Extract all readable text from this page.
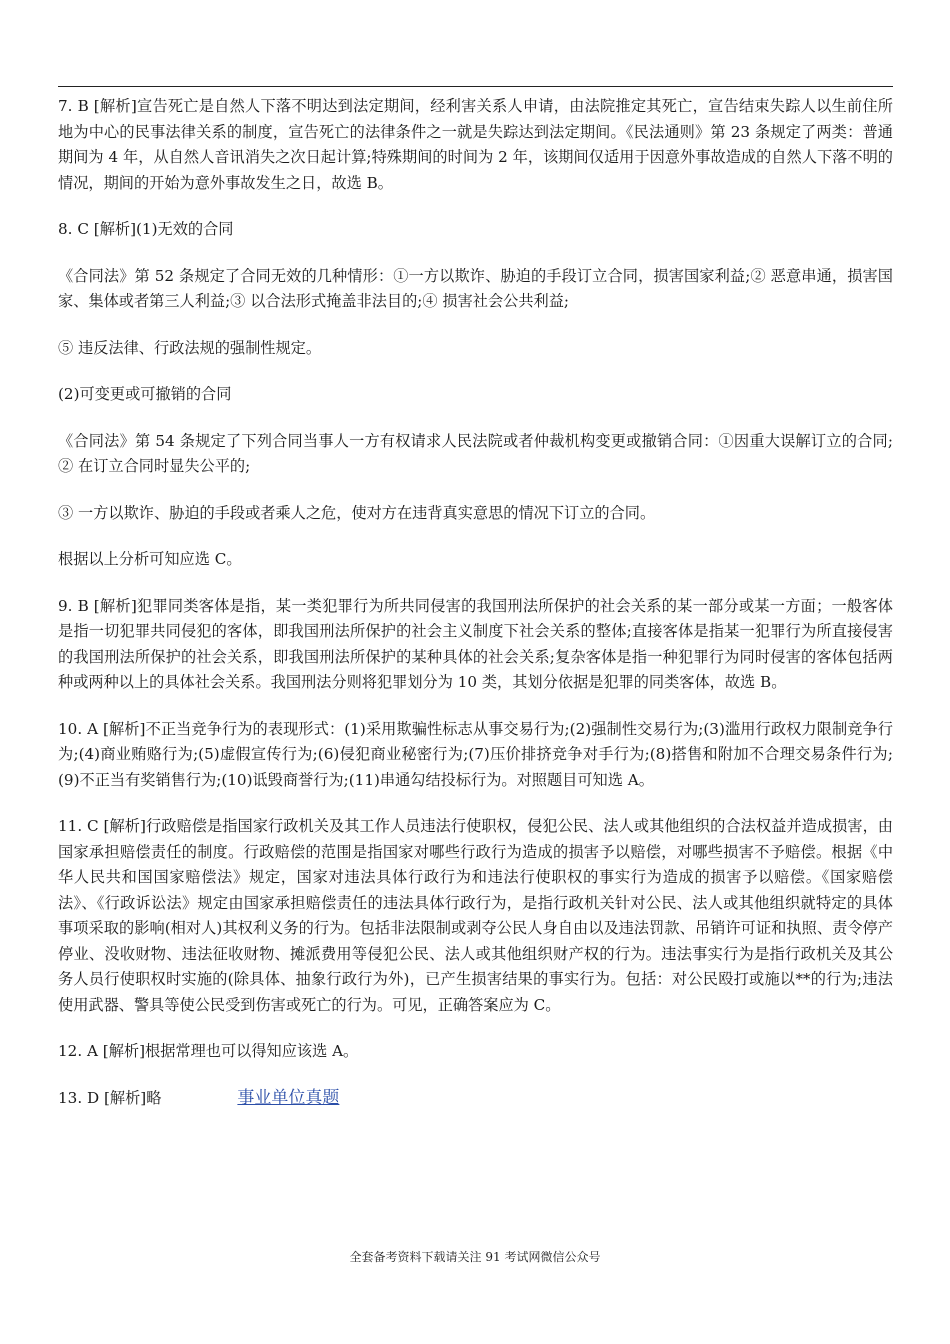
7. B [解析]宣告死亡是自然人下落不明达到法定期间，经利害关系人申请，由法院推定其死亡，宣告结束失踪人以生前住所地为中心的民事法律关系的制度，宣告死亡的法律条件之一就是失踪达到法定期间。《民法通则》第 23 条规定了两类：普通期间为 4 年，从自然人音讯消失之次日起计算;特殊期间的时间为 2 年，该期间仅适用于因意外事故造成的自然人下落不明的情况，期间的开始为意外事故发生之日，故选 B。

8. C [解析](1)无效的合同

《合同法》第 52 条规定了合同无效的几种情形：①一方以欺诈、胁迫的手段订立合同，损害国家利益;② 恶意串通，损害国家、集体或者第三人利益;③ 以合法形式掩盖非法目的;④ 损害社会公共利益;

⑤ 违反法律、行政法规的强制性规定。

(2)可变更或可撤销的合同

《合同法》第 54 条规定了下列合同当事人一方有权请求人民法院或者仲裁机构变更或撤销合同：①因重大误解订立的合同;② 在订立合同时显失公平的;

③ 一方以欺诈、胁迫的手段或者乘人之危，使对方在违背真实意思的情况下订立的合同。

根据以上分析可知应选 C。

9. B [解析]犯罪同类客体是指，某一类犯罪行为所共同侵害的我国刑法所保护的社会关系的某一部分或某一方面；一般客体是指一切犯罪共同侵犯的客体，即我国刑法所保护的社会主义制度下社会关系的整体;直接客体是指某一犯罪行为所直接侵害的我国刑法所保护的社会关系，即我国刑法所保护的某种具体的社会关系;复杂客体是指一种犯罪行为同时侵害的客体包括两种或两种以上的具体社会关系。我国刑法分则将犯罪划分为 10 类，其划分依据是犯罪的同类客体，故选 B。

10. A [解析]不正当竞争行为的表现形式：(1)采用欺骗性标志从事交易行为;(2)强制性交易行为;(3)滥用行政权力限制竞争行为;(4)商业贿赂行为;(5)虚假宣传行为;(6)侵犯商业秘密行为;(7)压价排挤竞争对手行为;(8)搭售和附加不合理交易条件行为;(9)不正当有奖销售行为;(10)诋毁商誉行为;(11)串通勾结投标行为。对照题目可知选 A。

11. C [解析]行政赔偿是指国家行政机关及其工作人员违法行使职权，侵犯公民、法人或其他组织的合法权益并造成损害，由国家承担赔偿责任的制度。行政赔偿的范围是指国家对哪些行政行为造成的损害予以赔偿，对哪些损害不予赔偿。根据《中华人民共和国国家赔偿法》规定，国家对违法具体行政行为和违法行使职权的事实行为造成的损害予以赔偿。《国家赔偿法》、《行政诉讼法》规定由国家承担赔偿责任的违法具体行政行为，是指行政机关针对公民、法人或其他组织就特定的具体事项采取的影响(相对人)其权利义务的行为。包括非法限制或剥夺公民人身自由以及违法罚款、吊销许可证和执照、责令停产停业、没收财物、违法征收财物、摊派费用等侵犯公民、法人或其他组织财产权的行为。违法事实行为是指行政机关及其公务人员行使职权时实施的(除具体、抽象行政行为外)，已产生损害结果的事实行为。包括：对公民殴打或施以**的行为;违法使用武器、警具等使公民受到伤害或死亡的行为。可见，正确答案应为 C。

12. A [解析]根据常理也可以得知应该选 A。

13. D [解析]略	事业单位真题

全套备考资料下载请关注 91 考试网微信公众号
